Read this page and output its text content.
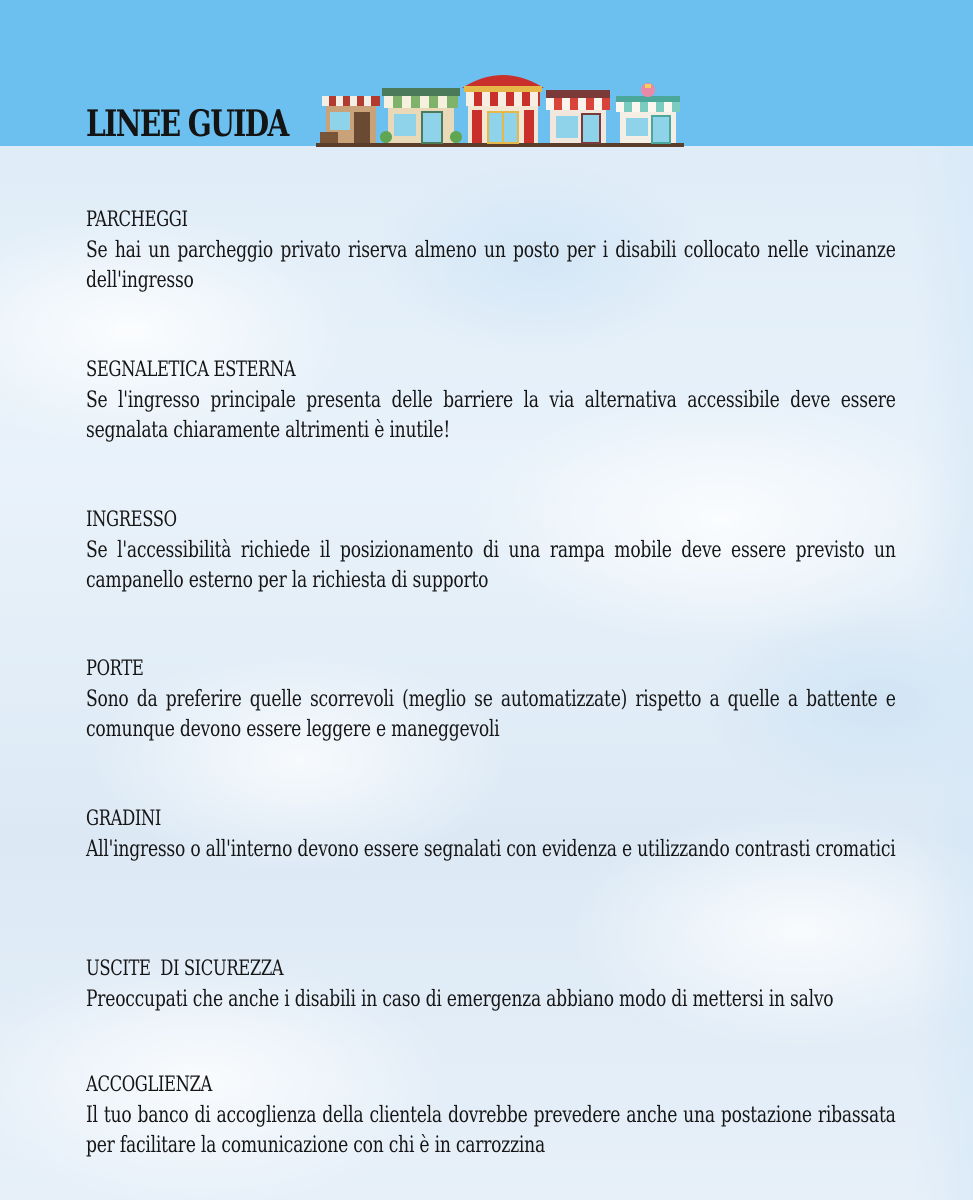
LINEE GUIDA
PARCHEGGI

Se hai un parcheggio privato riserva almeno un posto per i disabili collocato nelle vicinanze dell'ingresso

SEGNALETICA ESTERNA

Se l'ingresso principale presenta delle barriere la via alternativa accessibile deve essere segnalata chiaramente altrimenti è inutile!

INGRESSO

Se l'accessibilità richiede il posizionamento di una rampa mobile deve essere previsto un campanello esterno per la richiesta di supporto

PORTE

Sono da preferire quelle scorrevoli (meglio se automatizzate) rispetto a quelle a battente e comunque devono essere leggere e maneggevoli

GRADINI

All'ingresso o all'interno devono essere segnalati con evidenza e utilizzando contrasti cromatici

USCITE  DI SICUREZZA

Preoccupati che anche i disabili in caso di emergenza abbiano modo di mettersi in salvo

ACCOGLIENZA

Il tuo banco di accoglienza della clientela dovrebbe prevedere anche una postazione ribassata per facilitare la comunicazione con chi è in carrozzina
